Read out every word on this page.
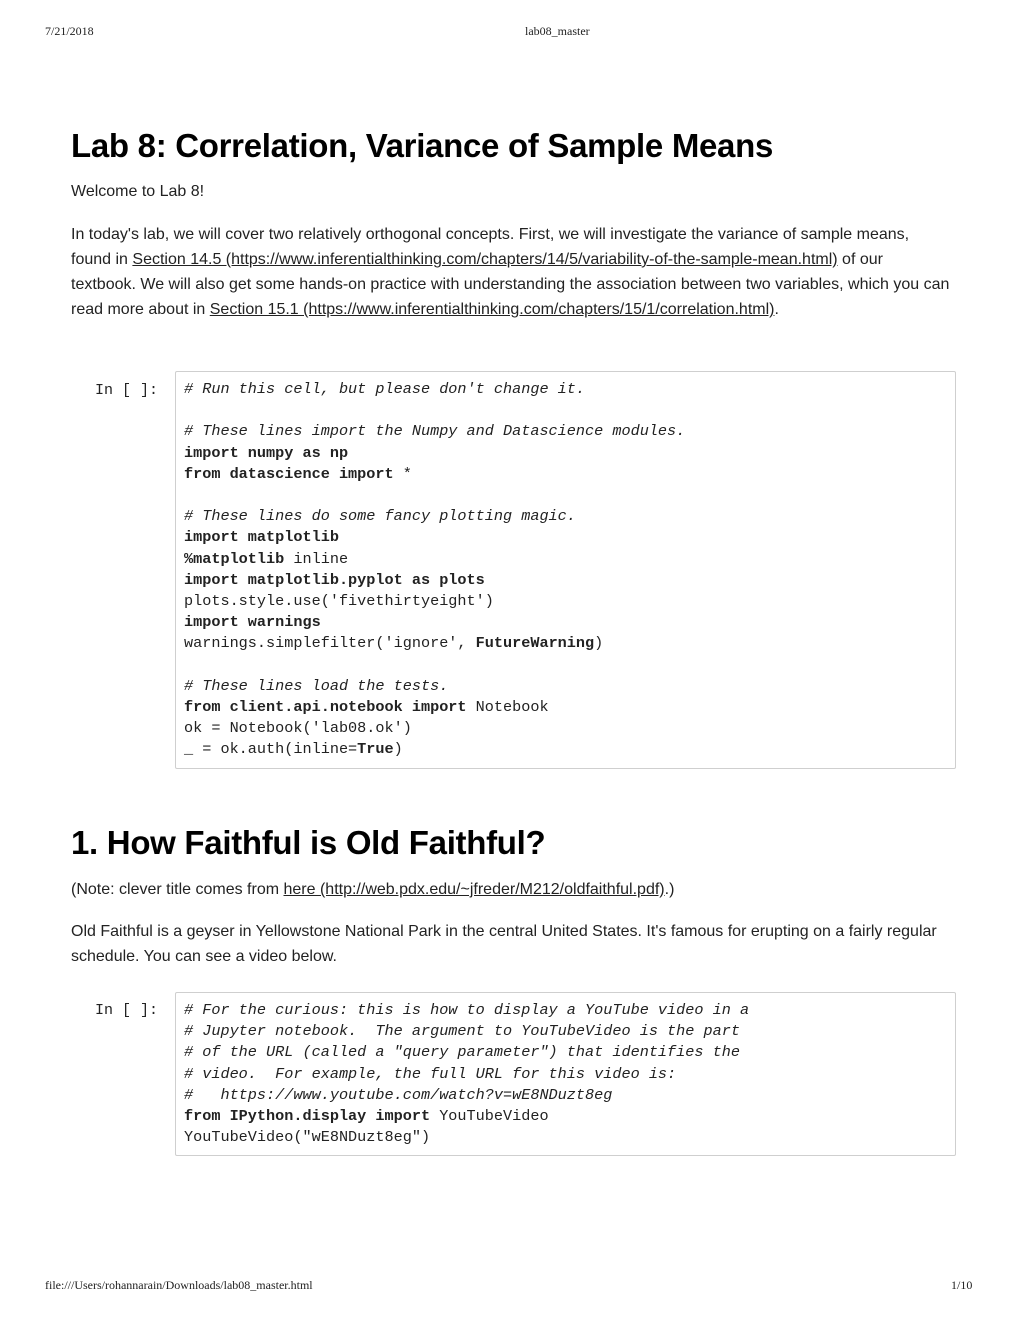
7/21/2018	lab08_master
Lab 8: Correlation, Variance of Sample Means

Welcome to Lab 8!

In today's lab, we will cover two relatively orthogonal concepts. First, we will investigate the variance of sample means, found in Section 14.5 (https://www.inferentialthinking.com/chapters/14/5/variability-of-the-sample-mean.html) of our textbook. We will also get some hands-on practice with understanding the association between two variables, which you can read more about in Section 15.1 (https://www.inferentialthinking.com/chapters/15/1/correlation.html).

In [ ]: # Run this cell, but please don't change it.

# These lines import the Numpy and Datascience modules.
import numpy as np
from datascience import *

# These lines do some fancy plotting magic.
import matplotlib
%matplotlib inline
import matplotlib.pyplot as plots
plots.style.use('fivethirtyeight')
import warnings
warnings.simplefilter('ignore', FutureWarning)

# These lines load the tests.
from client.api.notebook import Notebook
ok = Notebook('lab08.ok')
_ = ok.auth(inline=True)
1. How Faithful is Old Faithful?

(Note: clever title comes from here (http://web.pdx.edu/~jfreder/M212/oldfaithful.pdf).)

Old Faithful is a geyser in Yellowstone National Park in the central United States. It's famous for erupting on a fairly regular schedule. You can see a video below.

In [ ]: # For the curious: this is how to display a YouTube video in a
# Jupyter notebook.  The argument to YouTubeVideo is the part
# of the URL (called a "query parameter") that identifies the
# video.  For example, the full URL for this video is:
#   https://www.youtube.com/watch?v=wE8NDuzt8eg
from IPython.display import YouTubeVideo
YouTubeVideo("wE8NDuzt8eg")
file:///Users/rohannarain/Downloads/lab08_master.html	1/10
